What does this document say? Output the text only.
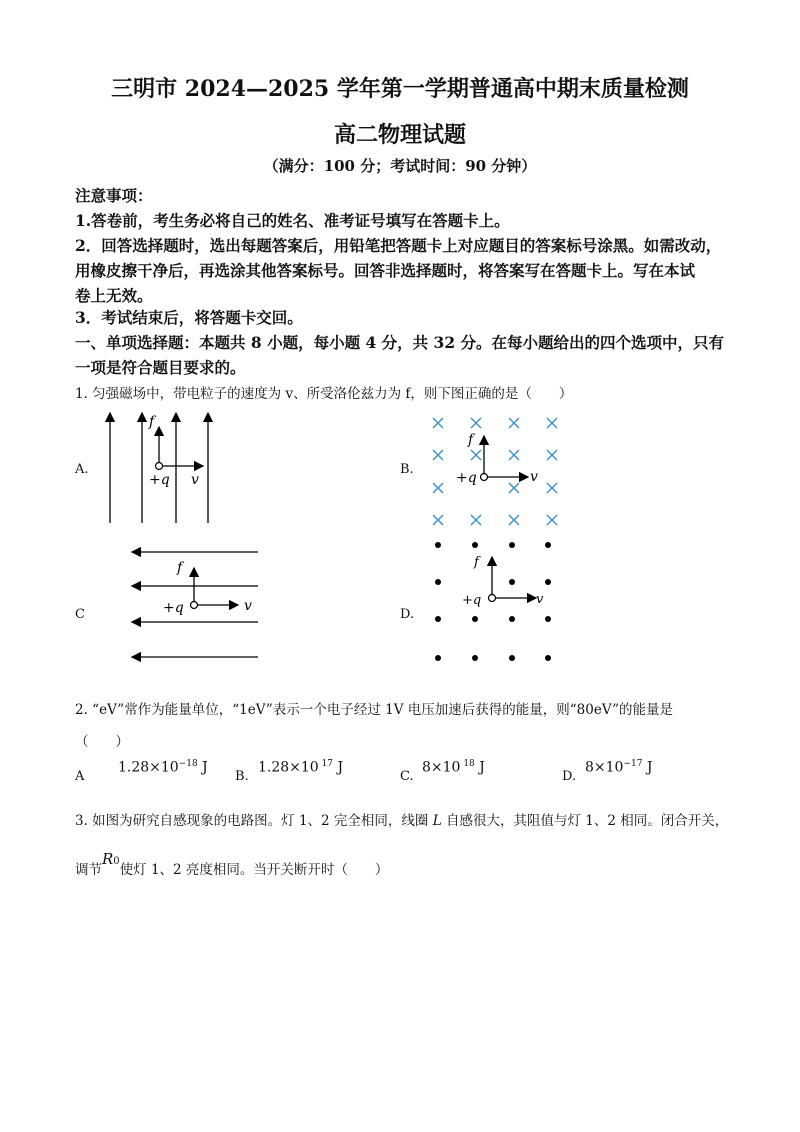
三明市 2024—2025 学年第一学期普通高中期末质量检测
高二物理试题
（满分：100 分；考试时间：90 分钟）
注意事项：
1.答卷前，考生务必将自己的姓名、准考证号填写在答题卡上。
2．回答选择题时，选出每题答案后，用铅笔把答题卡上对应题目的答案标号涂黑。如需改动，
用橡皮擦干净后，再选涂其他答案标号。回答非选择题时，将答案写在答题卡上。写在本试
卷上无效。
3．考试结束后，将答题卡交回。
一、单项选择题：本题共 8 小题，每小题 4 分，共 32 分。在每小题给出的四个选项中，只有
一项是符合题目要求的。
1. 匀强磁场中，带电粒子的速度为 v、所受洛伦兹力为 f，则下图正确的是（　　）
A.	B.
C	D.
f
+q v
f
+q	v
f
+q	v
f
+q	v
2. “eV”常作为能量单位，“1eV”表示一个电子经过 1V 电压加速后获得的能量，则“80eV”的能量是
（　　）
A
$1.28\times 10^{-18}$ J
B.
1.28×10 $^{17}$ J
C.
8×10 $^{18}$ J
D.
$8\times 10^{-17}$ J
3. 如图为研究自感现象的电路图。灯 1、2 完全相同，线圈 L 自感很大，其阻值与灯 1、2 相同。闭合开关，
调节$R_0$使灯 1、2 亮度相同。当开关断开时（　　）
